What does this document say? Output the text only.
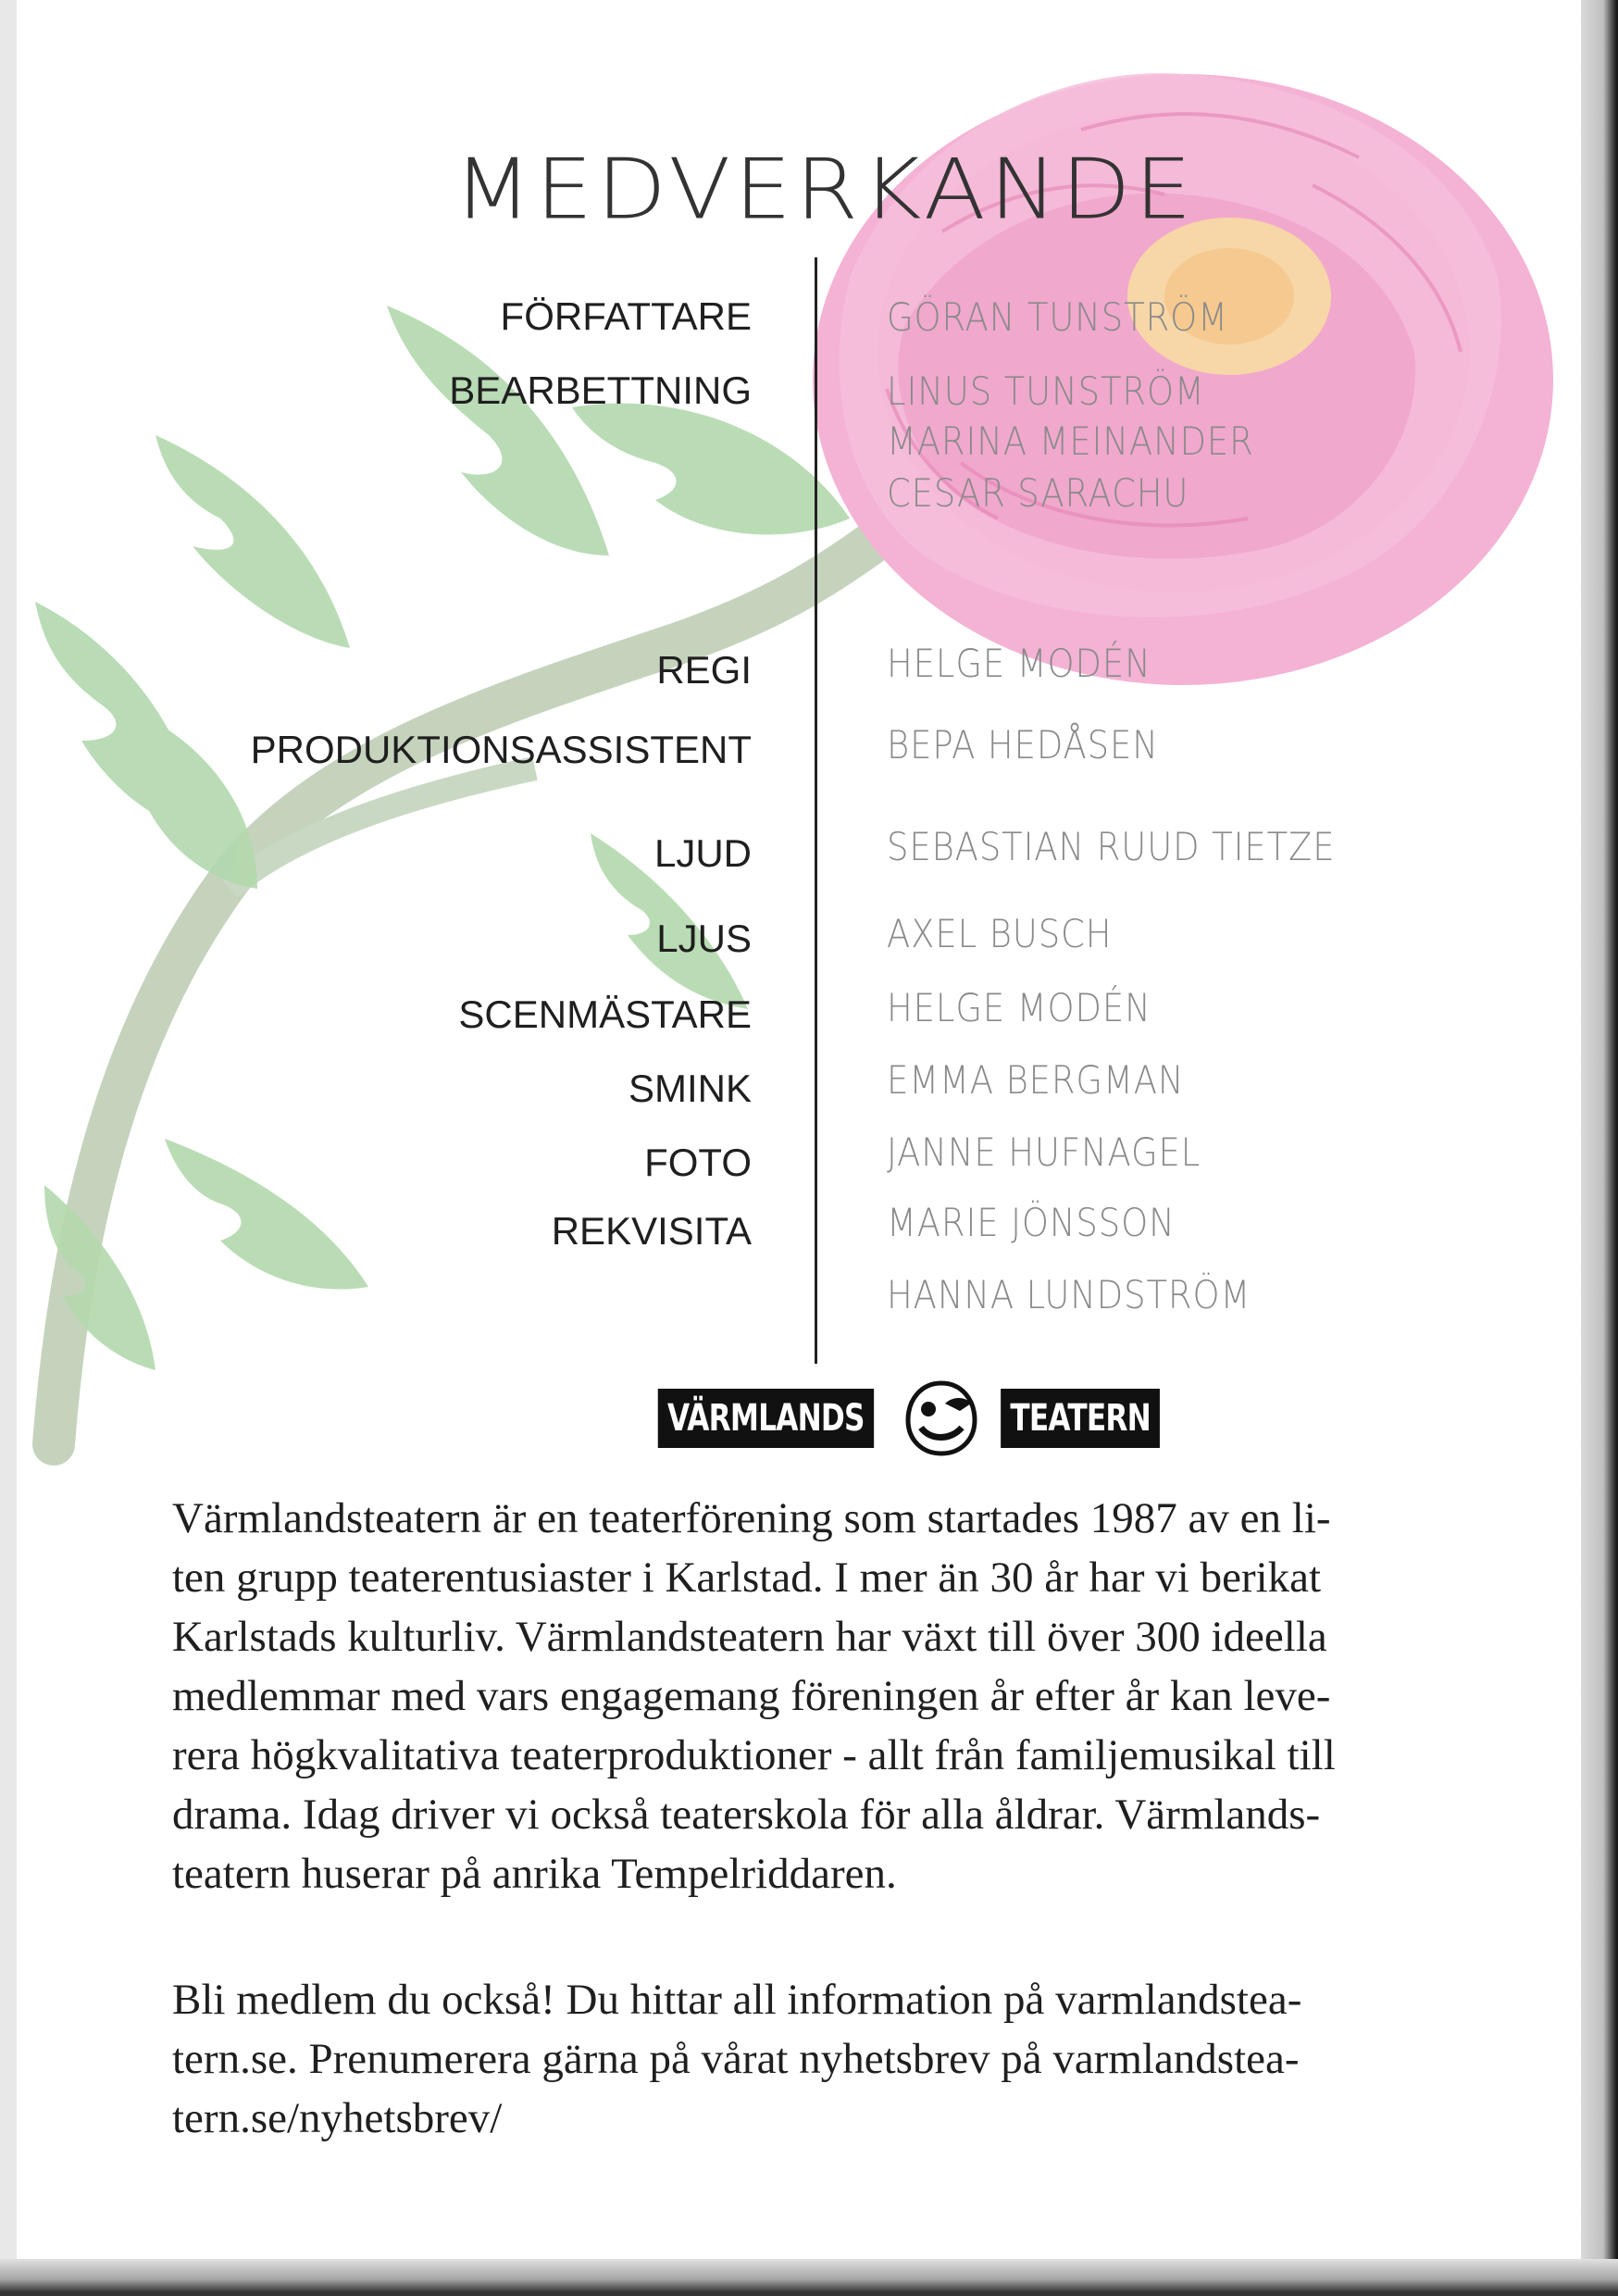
MEDVERKANDE
FÖRFATTARE
BEARBETTNING
REGI
PRODUKTIONSASSISTENT
LJUD
LJUS
SCENMÄSTARE
SMINK
FOTO
REKVISITA
GÖRAN TUNSTRÖM
LINUS TUNSTRÖM
MARINA MEINANDER
CESAR SARACHU
HELGE MODÉN
BEPA HEDÅSEN
SEBASTIAN RUUD TIETZE
AXEL BUSCH
HELGE MODÉN
EMMA BERGMAN
JANNE HUFNAGEL
MARIE JÖNSSON
HANNA LUNDSTRÖM
VÄRMLANDS	TEATERN
Värmlandsteatern är en teaterförening som startades 1987 av en li-
ten grupp teaterentusiaster i Karlstad. I mer än 30 år har vi berikat
Karlstads kulturliv. Värmlandsteatern har växt till över 300 ideella
medlemmar med vars engagemang föreningen år efter år kan leve-
rera högkvalitativa teaterproduktioner - allt från familjemusikal till
drama. Idag driver vi också teaterskola för alla åldrar. Värmlands-
teatern huserar på anrika Tempelriddaren.
Bli medlem du också! Du hittar all information på varmlandstea-
tern.se. Prenumerera gärna på vårat nyhetsbrev på varmlandstea-
tern.se/nyhetsbrev/
